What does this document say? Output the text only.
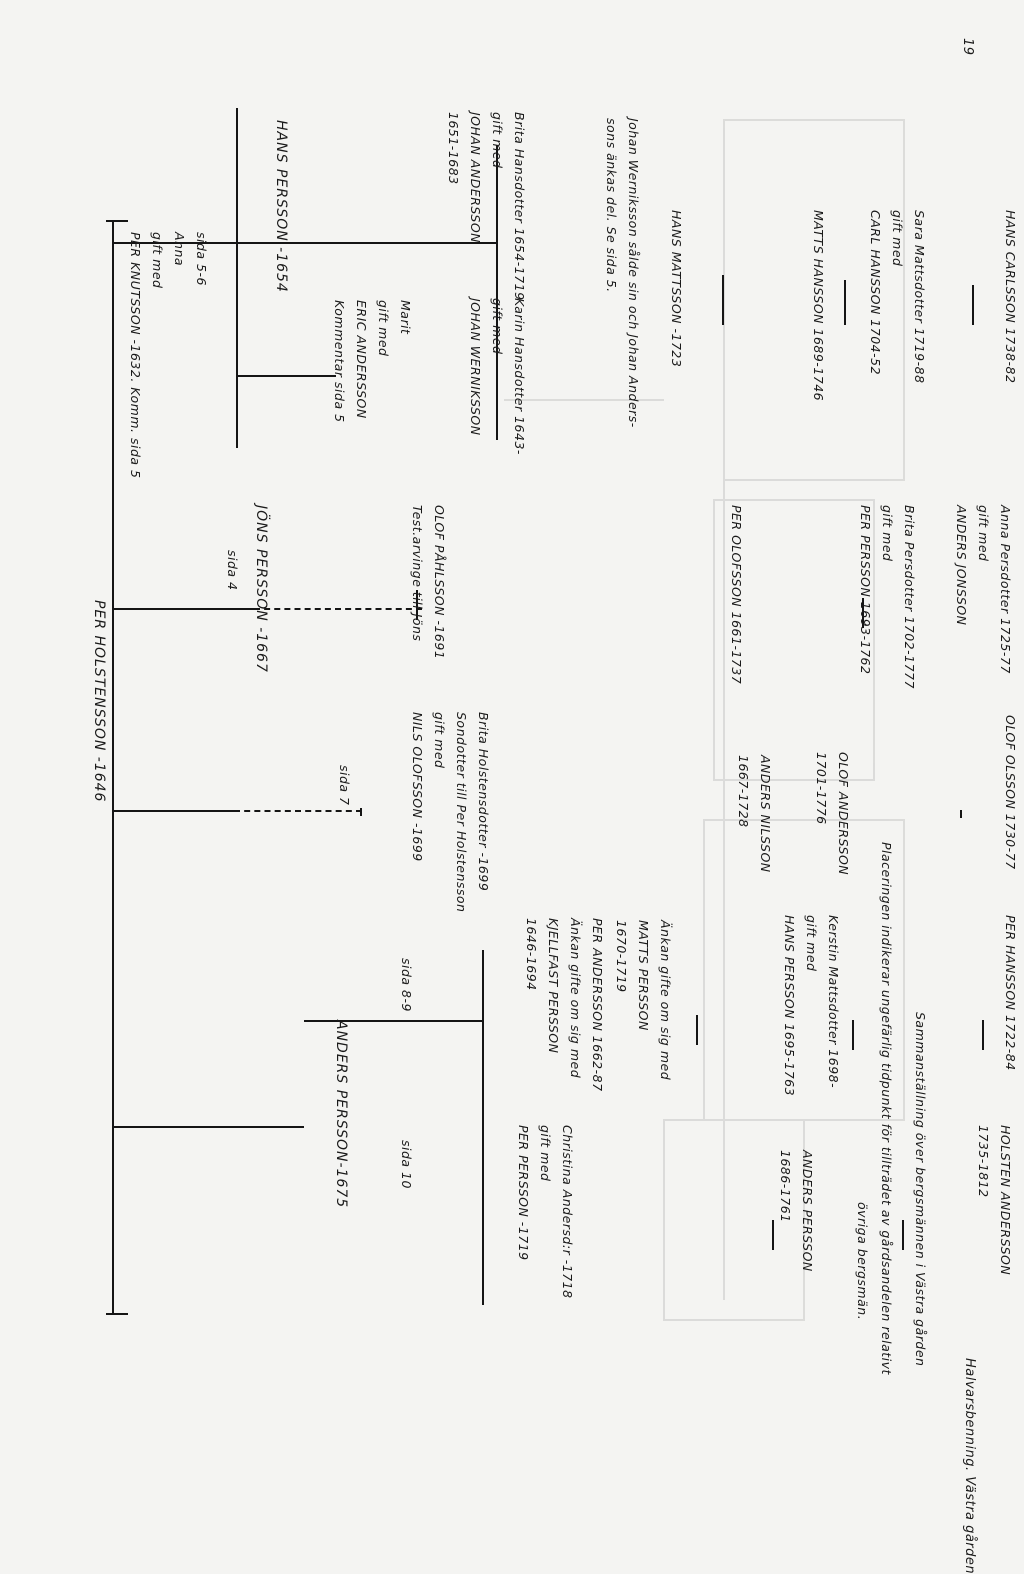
Halvarsbenning. Västra gården
19
Sammanställning över bergsmännen i Västra gården
Placeringen indikerar ungefärlig tidpunkt för tillträdet av gårdsandelen relativt
övriga bergsmän.
PER HOLSTENSSON -1646
sida 5-6
Anna
gift med
PER KNUTSSON -1632. Komm. sida 5
HANS PERSSON -1654
Marit
gift med
ERIC ANDERSSON
Kommentar sida 5
Brita Hansdotter 1654-1719
gift med
JOHAN ANDERSSON
1651-1683
Karin Hansdotter 1643-
gift med
JOHAN WERNIKSSON
Johan Werniksson sålde sin och Johan Anders-
sons änkas del. Se sida 5.	HANS MATTSSON -1723	MATTS HANSSON 1689-1746	Sara Mattsdotter 1719-88
gift med
CARL HANSSON 1704-52	HANS CARLSSON 1738-82
sida 4 JÖNS PERSSON -1667	OLOF PÅHLSSON -1691
Test.arvinge till Jöns	PER OLOFSSON 1661-1737	Brita Persdotter 1702-1777
gift med
PER PERSSON 1693-1762
Anna Persdotter 1725-77
gift med
ANDERS JONSSON
sida 7
Brita Holstensdotter -1699
Sondotter till Per Holstensson
gift med
NILS OLOFSSON -1699
ANDERS NILSSON
1667-1728	OLOF ANDERSSON
1701-1776	OLOF OLSSON 1730-77
ANDERS PERSSON-1675
sida 8-9
sida 10
PER ANDERSSON 1662-87
Änkan gifte om sig med
KJELLFAST PERSSON
1646-1694	Änkan gifte om sig med
MATTS PERSSON
1670-1719
Christina Andersd:r -1718
gift med
PER PERSSON -1719
Kerstin Mattsdotter 1698-
gift med
HANS PERSSON 1695-1763	PER HANSSON 1722-84
ANDERS PERSSON
1686-1761	HOLSTEN ANDERSSON
1735-1812
